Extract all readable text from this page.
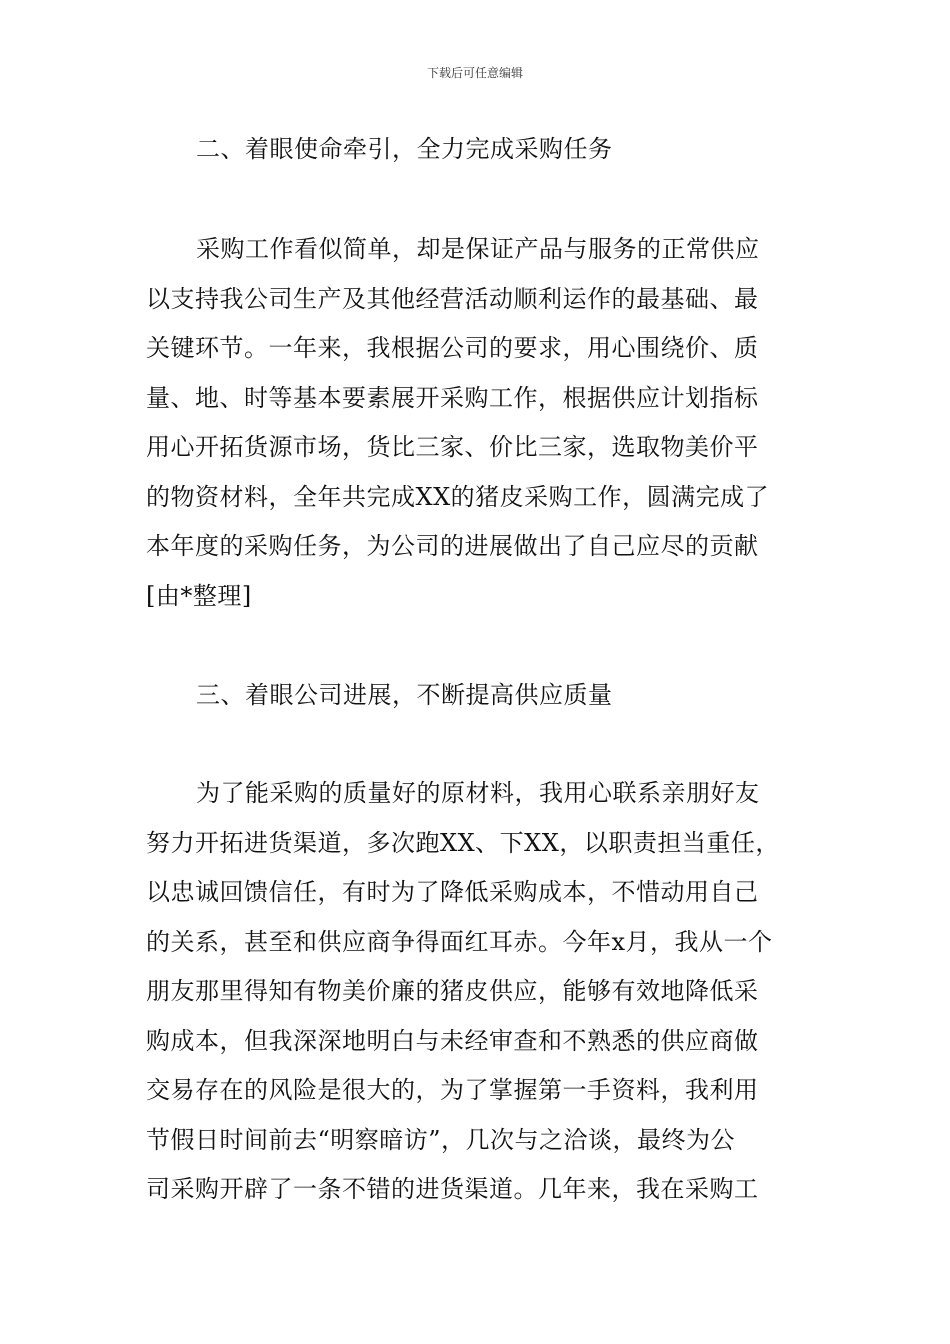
下载后可任意编辑
二、着眼使命牵引，全力完成采购任务
采购工作看似简单，却是保证产品与服务的正常供应
以支持我公司生产及其他经营活动顺利运作的最基础、最
关键环节。一年来，我根据公司的要求，用心围绕价、质
量、地、时等基本要素展开采购工作，根据供应计划指标
用心开拓货源市场，货比三家、价比三家，选取物美价平
的物资材料，全年共完成XX的猪皮采购工作，圆满完成了
本年度的采购任务，为公司的进展做出了自己应尽的贡献
[由*整理]
三、着眼公司进展，不断提高供应质量
为了能采购的质量好的原材料，我用心联系亲朋好友
努力开拓进货渠道，多次跑XX、下XX，以职责担当重任，
以忠诚回馈信任，有时为了降低采购成本，不惜动用自己
的关系，甚至和供应商争得面红耳赤。今年x月，我从一个
朋友那里得知有物美价廉的猪皮供应，能够有效地降低采
购成本，但我深深地明白与未经审查和不熟悉的供应商做
交易存在的风险是很大的，为了掌握第一手资料，我利用
节假日时间前去“明察暗访”，几次与之洽谈，最终为公
司采购开辟了一条不错的进货渠道。几年来，我在采购工
